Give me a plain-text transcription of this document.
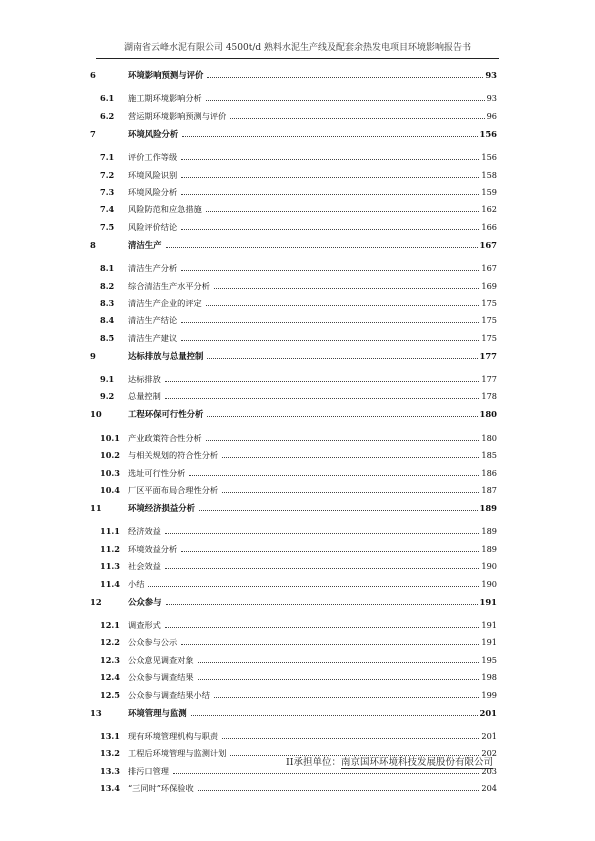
湖南省云峰水泥有限公司 4500t/d 熟料水泥生产线及配套余热发电项目环境影响报告书
6	环境影响预测与评价	93
6.1	施工期环境影响分析	93
6.2	营运期环境影响预测与评价	96
7	环境风险分析	156
7.1	评价工作等级	156
7.2	环境风险识别	158
7.3	环境风险分析	159
7.4	风险防范和应急措施	162
7.5	风险评价结论	166
8	清洁生产	167
8.1	清洁生产分析	167
8.2	综合清洁生产水平分析	169
8.3	清洁生产企业的评定	175
8.4	清洁生产结论	175
8.5	清洁生产建议	175
9	达标排放与总量控制	177
9.1	达标排放	177
9.2	总量控制	178
10	工程环保可行性分析	180
10.1 产业政策符合性分析	180
10.2 与相关规划的符合性分析	185
10.3 选址可行性分析	186
10.4 厂区平面布局合理性分析	187
11	环境经济损益分析	189
11.1 经济效益	189
11.2 环境效益分析	189
11.3 社会效益	190
11.4 小结	190
12	公众参与	191
12.1 调查形式	191
12.2 公众参与公示	191
12.3 公众意见调查对象	195
12.4 公众参与调查结果	198
12.5 公众参与调查结果小结	199
13	环境管理与监测	201
13.1 现有环境管理机构与职责	201
13.2 工程后环境管理与监测计划	202
13.3 排污口管理	203
13.4 “三同时”环保验收	204
II承担单位：南京国环环境科技发展股份有限公司
